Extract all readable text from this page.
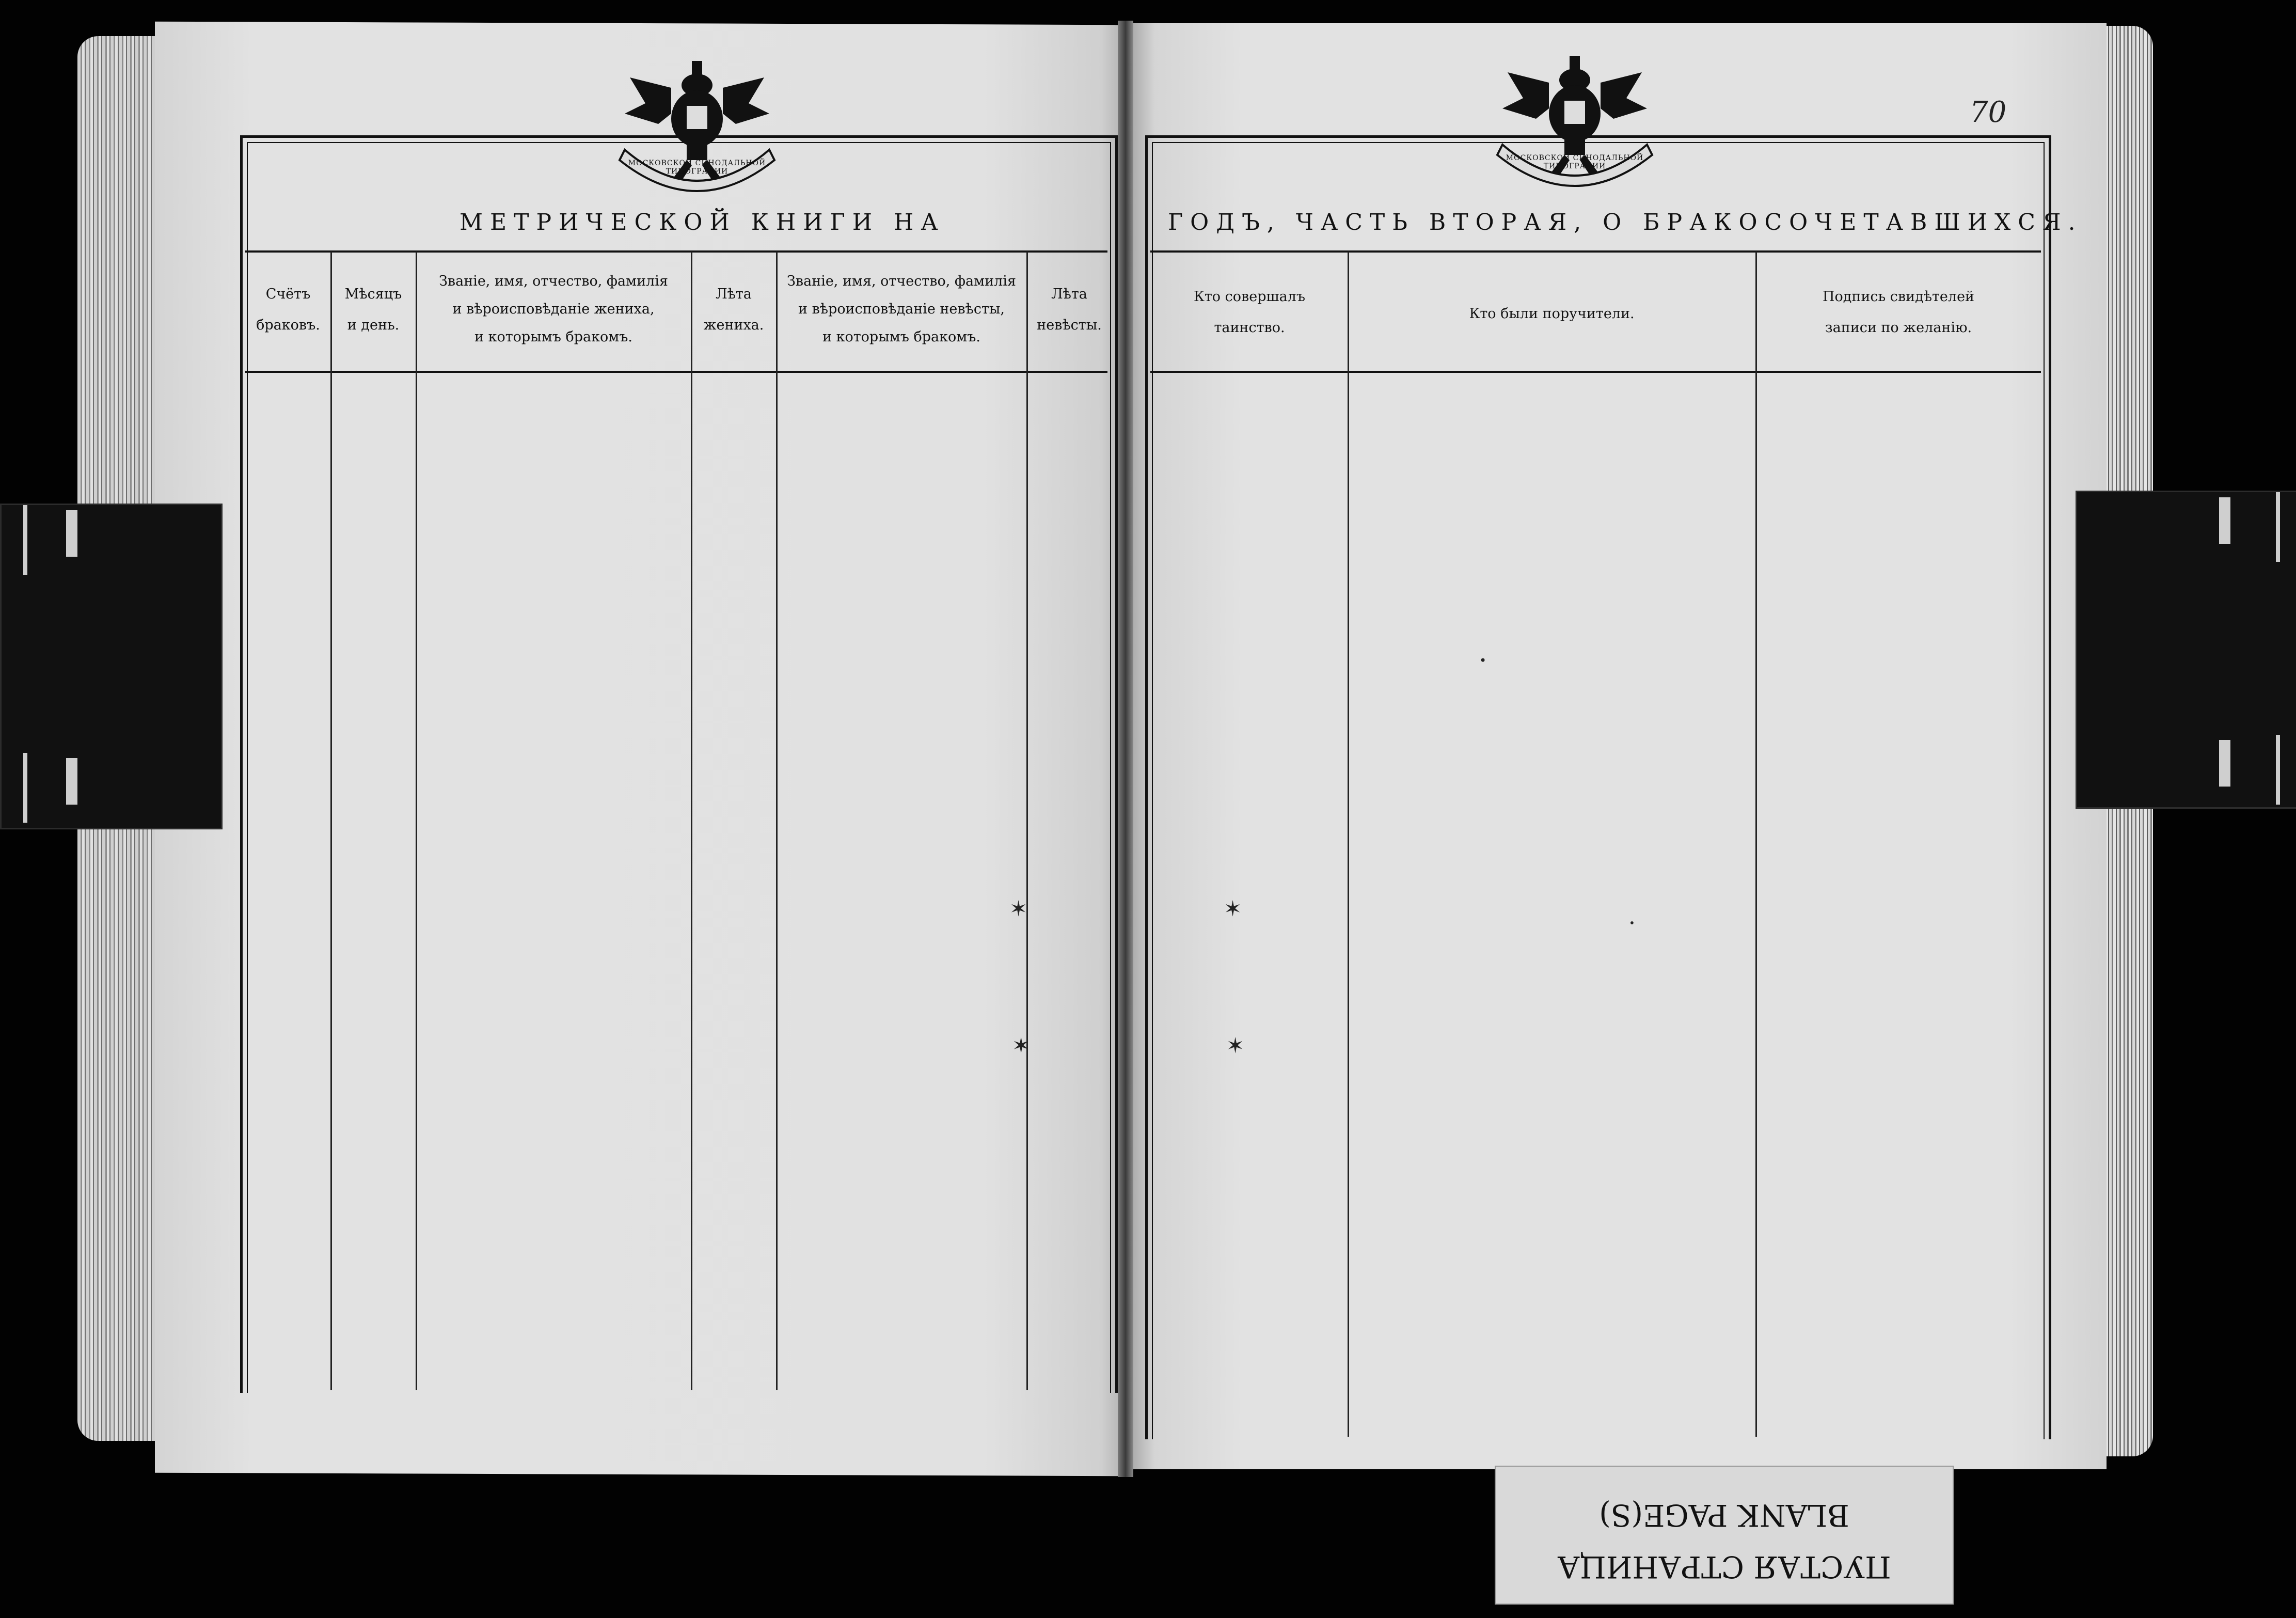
МОСКОВСКОЙ СИНОДАЛЬНОЙ ТИПОГРАФИИ
МОСКОВСКОЙ СИНОДАЛЬНОЙ ТИПОГРАФИИ
70
МЕТРИЧЕСКОЙ КНИГИ НА	ГОДЪ, ЧАСТЬ ВТОРАЯ, О БРАКОСОЧЕТАВШИХСЯ.
Счётъ
браковъ.
Мѣсяцъ
и день.
Званіе, имя, отчество, фамилія
и вѣроисповѣданіе жениха,
и которымъ бракомъ.
Лѣта
жениха.
Званіе, имя, отчество, фамилія
и вѣроисповѣданіе невѣсты,
и которымъ бракомъ.
Лѣта
невѣсты.
Кто совершалъ
таинство.
Кто были поручители.
Подпись свидѣтелей
записи по желанію.
✶
✶
✶
✶
•
•
ПУСТАЯ СТРАНИЦА
BLANK PAGE(S)
